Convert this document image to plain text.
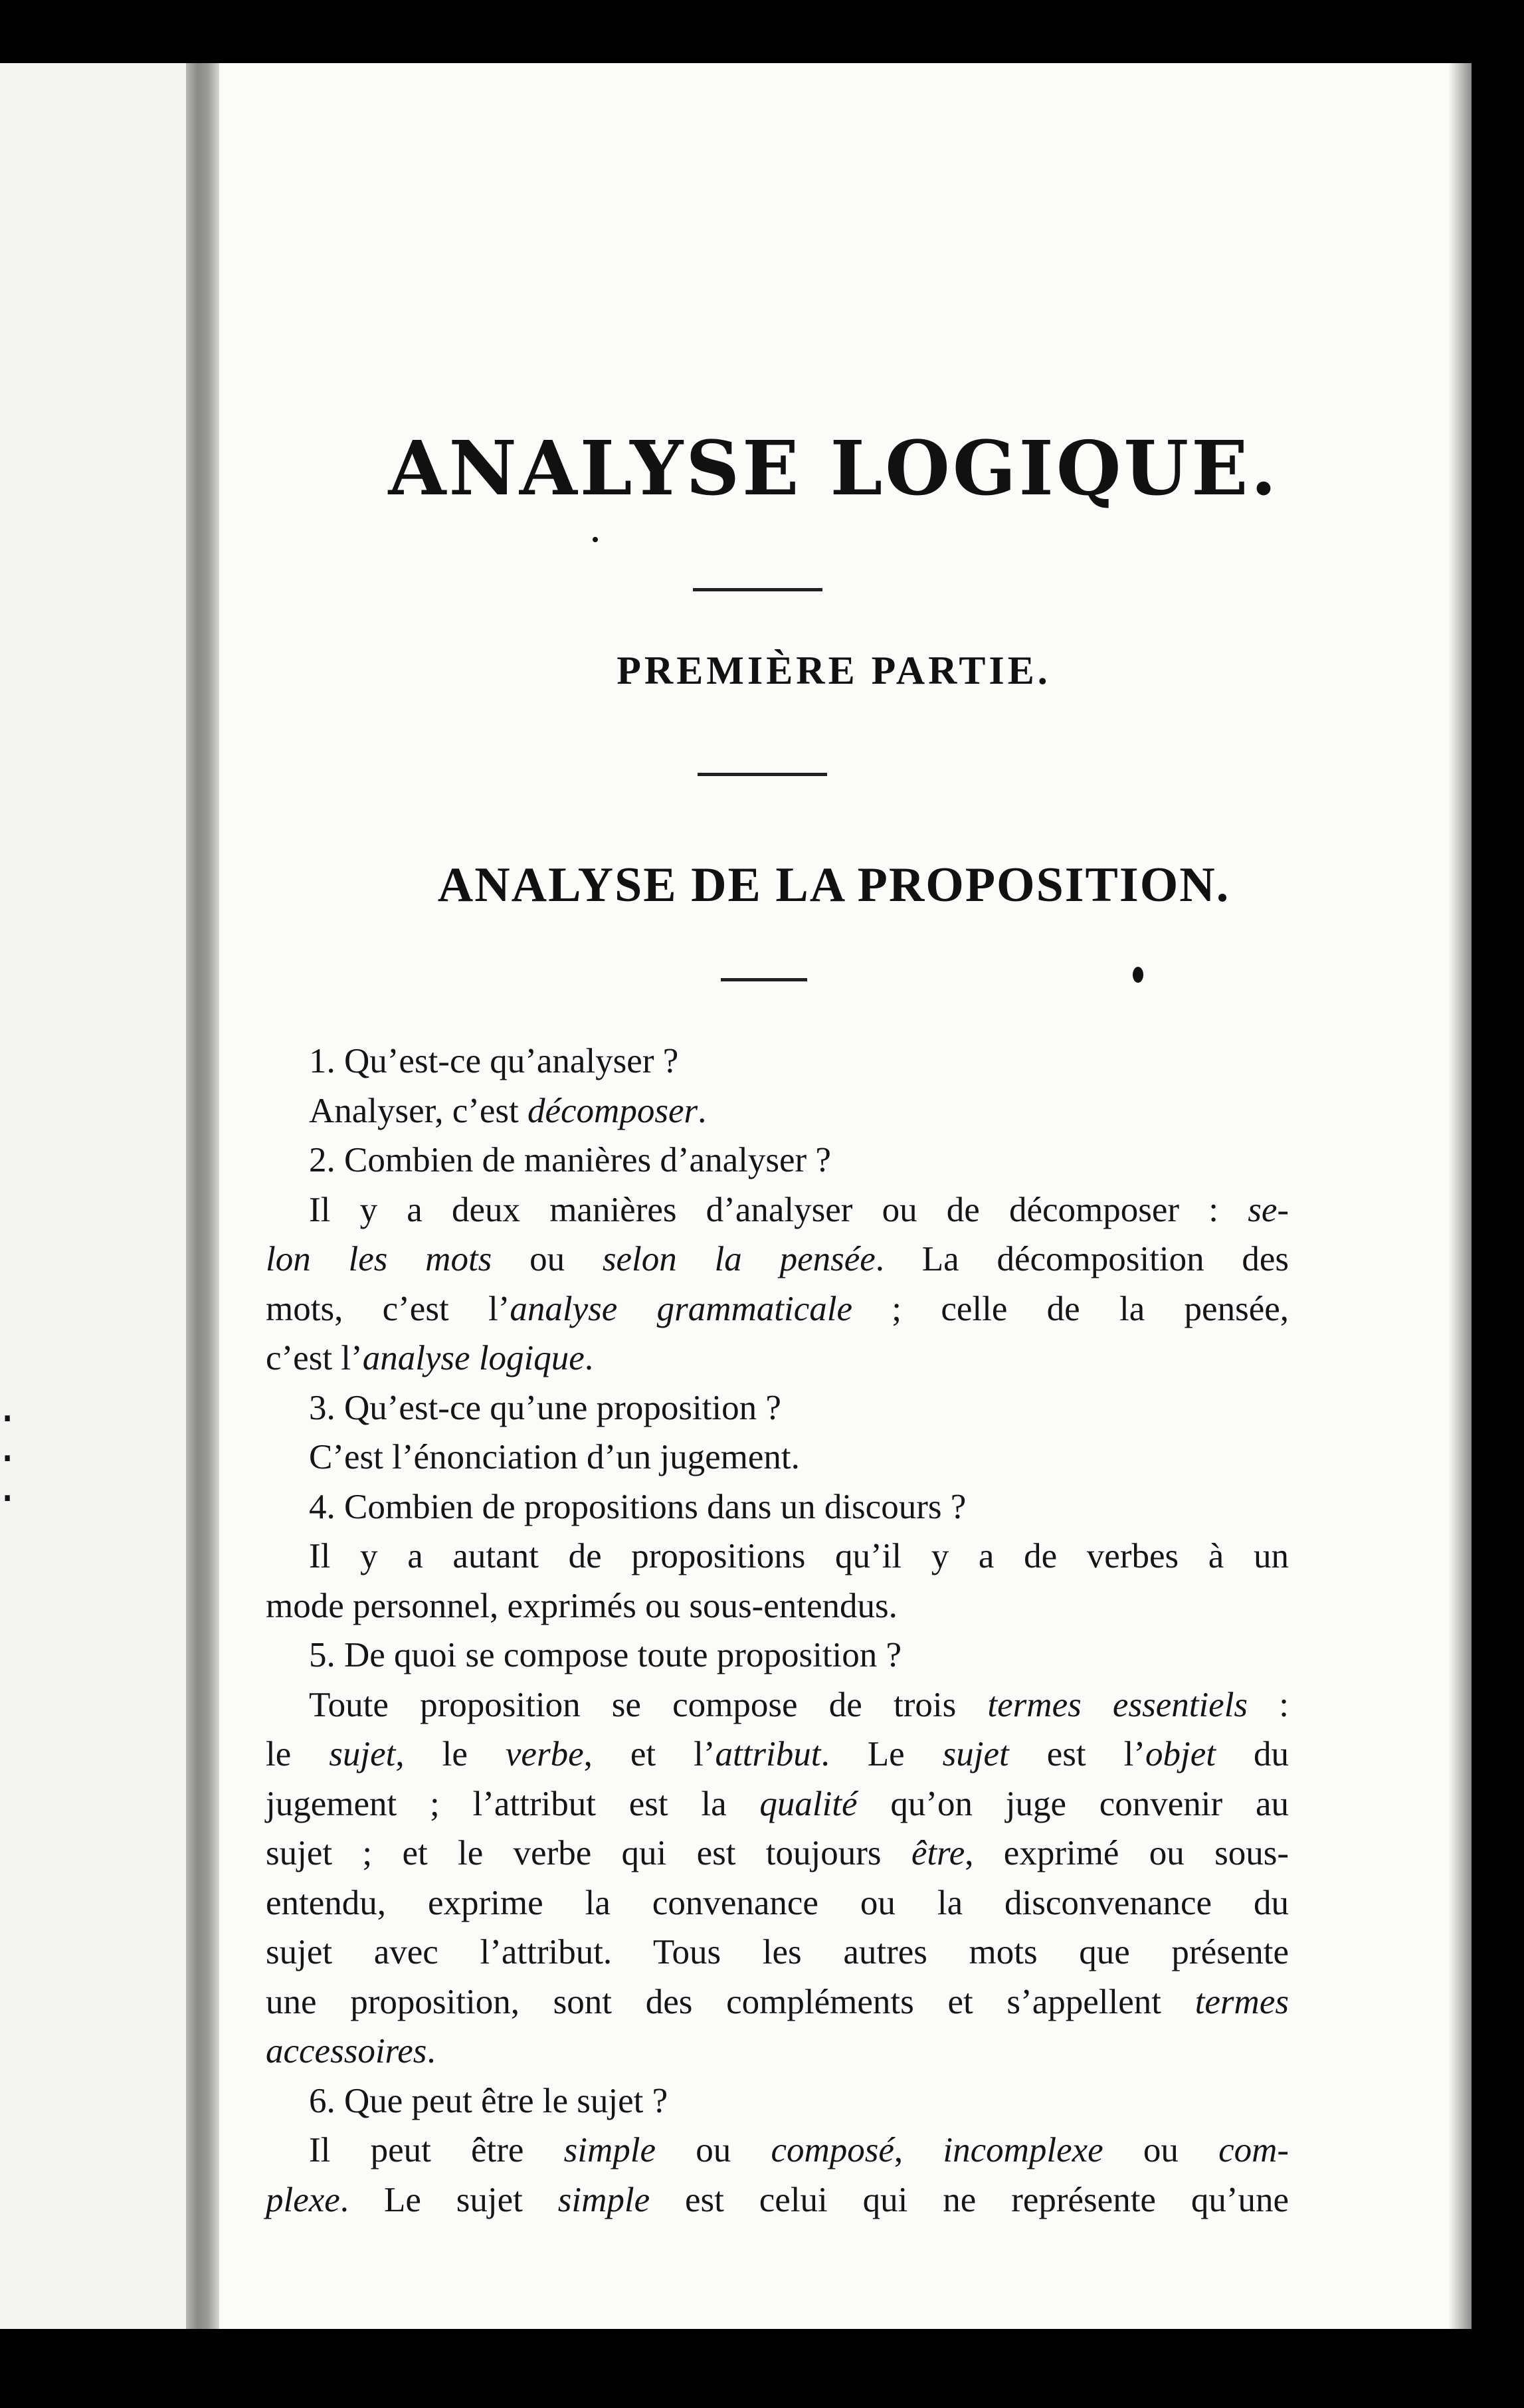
·
·
·
ANALYSE LOGIQUE.
PREMIÈRE PARTIE.
ANALYSE DE LA PROPOSITION.
1. Qu’est-ce qu’analyser ?
Analyser, c’est décomposer.
2. Combien de manières d’analyser ?
Il y a deux manières d’analyser ou de décomposer : se-
lon les mots ou selon la pensée. La décomposition des
mots, c’est l’analyse grammaticale ; celle de la pensée,
c’est l’analyse logique.
3. Qu’est-ce qu’une proposition ?
C’est l’énonciation d’un jugement.
4. Combien de propositions dans un discours ?
Il y a autant de propositions qu’il y a de verbes à un
mode personnel, exprimés ou sous-entendus.
5. De quoi se compose toute proposition ?
Toute proposition se compose de trois termes essentiels :
le sujet, le verbe, et l’attribut. Le sujet est l’objet du
jugement ; l’attribut est la qualité qu’on juge convenir au
sujet ; et le verbe qui est toujours être, exprimé ou sous-
entendu, exprime la convenance ou la disconvenance du
sujet avec l’attribut. Tous les autres mots que présente
une proposition, sont des compléments et s’appellent termes
accessoires.
6. Que peut être le sujet ?
Il peut être simple ou composé, incomplexe ou com-
plexe. Le sujet simple est celui qui ne représente qu’une
